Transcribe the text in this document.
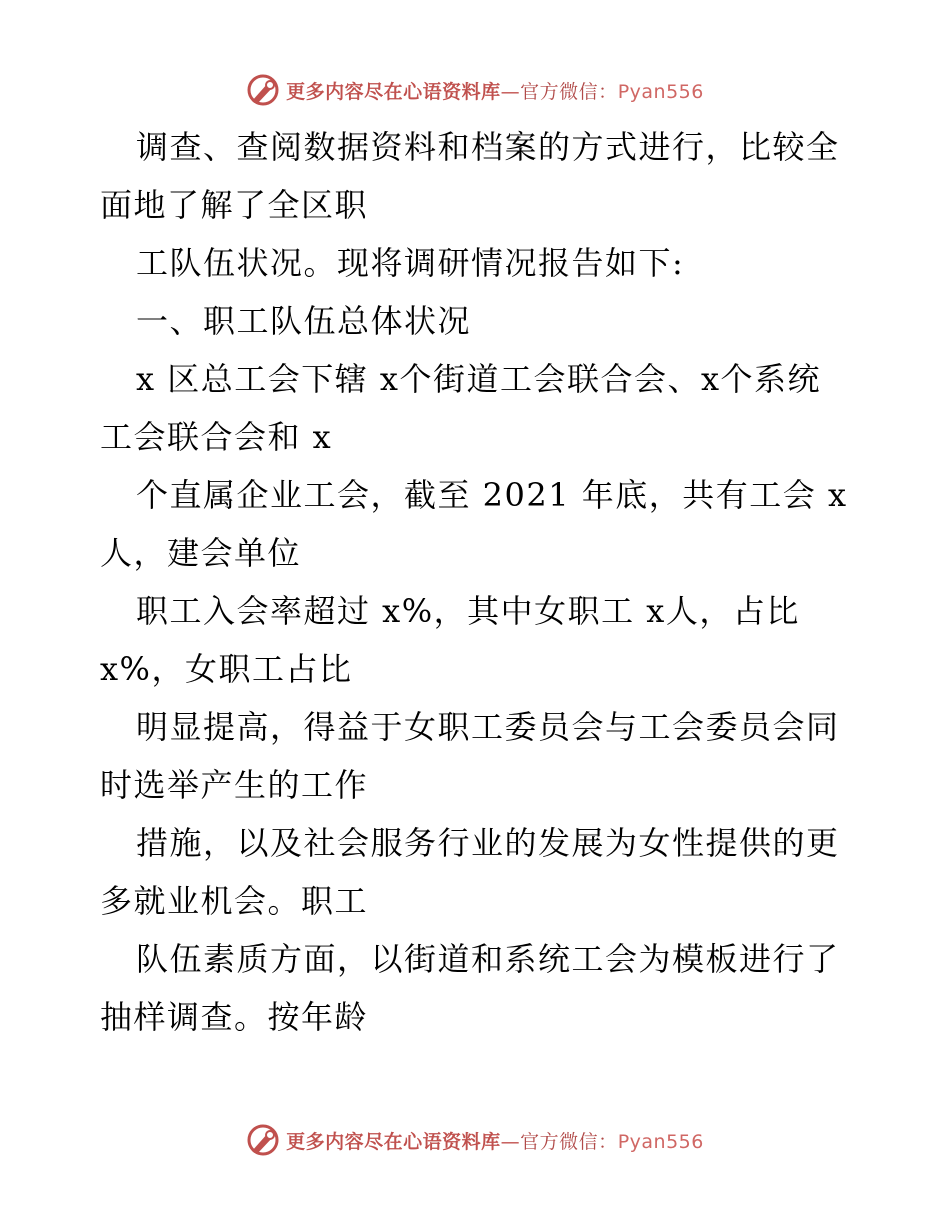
更多内容尽在心语资料库—官方微信：Pyan556
调查、查阅数据资料和档案的方式进行，比较全
面地了解了全区职
工队伍状况。现将调研情况报告如下:
一、职工队伍总体状况
x 区总工会下辖 x个街道工会联合会、x个系统
工会联合会和 x
个直属企业工会，截至 2021 年底，共有工会 x
人，建会单位
职工入会率超过 x%，其中女职工 x人，占比
x%，女职工占比
明显提高，得益于女职工委员会与工会委员会同
时选举产生的工作
措施，以及社会服务行业的发展为女性提供的更
多就业机会。职工
队伍素质方面，以街道和系统工会为模板进行了
抽样调查。按年龄
更多内容尽在心语资料库—官方微信：Pyan556
